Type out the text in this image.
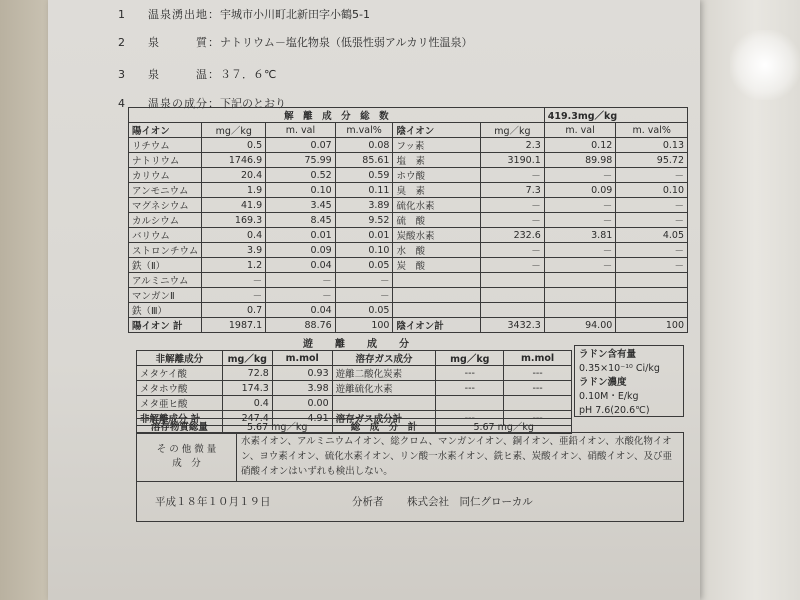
1 温泉湧出地：宇城市小川町北新田字小鶴5-1
2 泉　　　質：ナトリウム－塩化物泉（低張性弱アルカリ性温泉）
3 泉　　　温：３７．６℃
4 温泉の成分：下記のとおり
解　離　成　分　総　数						419.3mg／kg	
陽イオン	mg／kg	m. val	m.val%	陰イオン	mg／kg	m. val	m. val%
リチウム	0.5	0.07	0.08	フッ素	2.3	0.12	0.13
ナトリウム	1746.9	75.99	85.61	塩　素	3190.1	89.98	95.72
カリウム	20.4	0.52	0.59	ホウ酸	－	－	－
アンモニウム	1.9	0.10	0.11	臭　素	7.3	0.09	0.10
マグネシウム	41.9	3.45	3.89	硫化水素	－	－	－
カルシウム	169.3	8.45	9.52	硫　酸	－	－	－
バリウム	0.4	0.01	0.01	炭酸水素	232.6	3.81	4.05
ストロンチウム	3.9	0.09	0.10	水　酸	－	－	－
鉄（Ⅱ）	1.2	0.04	0.05	炭　酸	－	－	－
アルミニウム	－	－	－				
マンガンⅡ	－	－	－				
鉄（Ⅲ）	0.7	0.04	0.05				
陽イオン 計	1987.1	88.76	100	陰イオン計	3432.3	94.00	100
遊　離　成　分
非解離成分	mg／kg	m.mol	溶存ガス成分	mg／kg	m.mol
メタケイ酸	72.8	0.93	遊離二酸化炭素	---	---
メタホウ酸	174.3	3.98	遊離硫化水素	---	---
メタ亜ヒ酸	0.4	0.00			
非解離成分 計	247.4	4.91	溶存ガス成分計	---	---
ラドン含有量
0.35×10⁻¹⁰ Ci/kg
ラドン濃度
0.10M・E/kg
pH 7.6(20.6℃)
溶存物質総量	5.67 mg／kg	総　成　分　計	5.67 mg／kg
そ の 他 微 量
成　分
水素イオン、アルミニウムイオン、総クロム、マンガンイオン、銅イオン、亜鉛イオン、水酸化物イオン、ヨウ素イオン、硫化水素イオン、リン酸一水素イオン、銑ヒ素、炭酸イオン、硝酸イオン、及び亜硝酸イオンはいずれも検出しない。
平成１８年１０月１９日	分析者 株式会社　同仁グローカル
